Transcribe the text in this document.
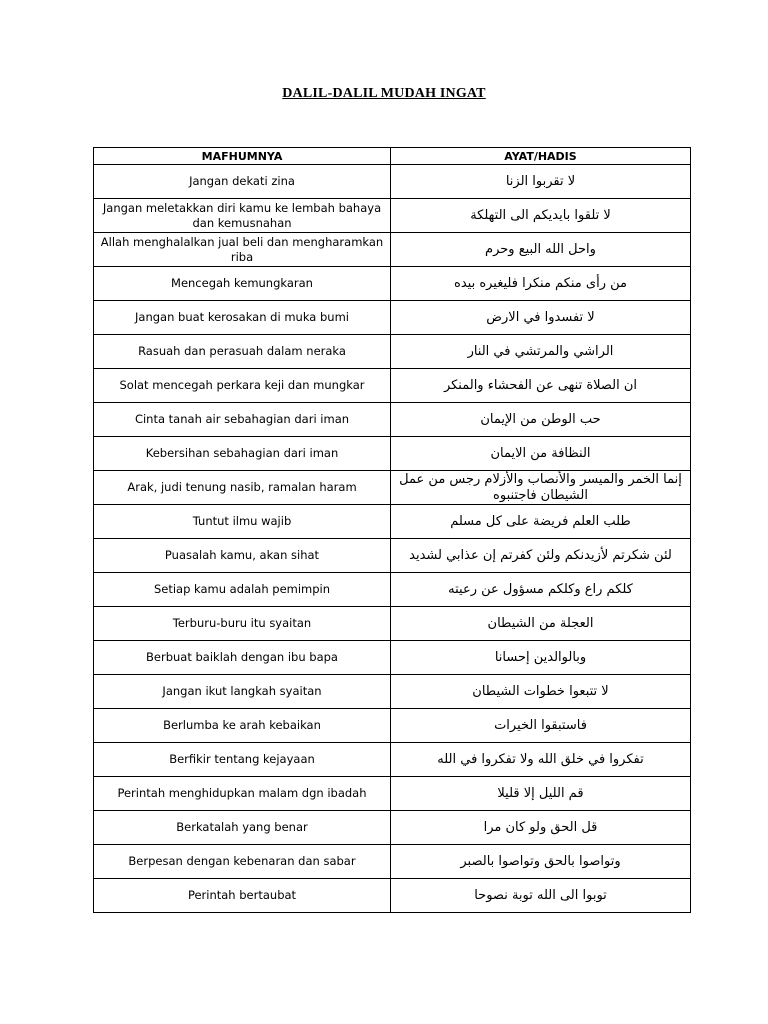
DALIL-DALIL MUDAH INGAT
MAFHUMNYA	AYAT/HADIS
Jangan dekati zina	لا تقربوا الزنا
Jangan meletakkan diri kamu ke lembah bahaya dan kemusnahan	لا تلقوا بايديكم الى التهلكة
Allah menghalalkan jual beli dan mengharamkan riba	واحل الله البيع وحرم
Mencegah kemungkaran	من رأى منكم منكرا فليغيره بيده
Jangan buat kerosakan di muka bumi	لا تفسدوا في الارض
Rasuah dan perasuah dalam neraka	الراشي والمرتشي في النار
Solat mencegah perkara keji dan mungkar	ان الصلاة تنهى عن الفحشاء والمنكر
Cinta tanah air sebahagian dari iman	حب الوطن من الإيمان
Kebersihan sebahagian dari iman	النظافة من الايمان
Arak, judi tenung nasib, ramalan haram	إنما الخمر والميسر والأنصاب والأزلام رجس من عمل الشيطان فاجتنبوه
Tuntut ilmu wajib	طلب العلم فريضة على كل مسلم
Puasalah kamu, akan sihat	لئن شكرتم لأزيدنكم ولئن كفرتم إن عذابي لشديد
Setiap kamu adalah pemimpin	كلكم راع وكلكم مسؤول عن رعيته
Terburu-buru itu syaitan	العجلة من الشيطان
Berbuat baiklah dengan ibu bapa	وبالوالدين إحسانا
Jangan ikut langkah syaitan	لا تتبعوا خطوات الشيطان
Berlumba ke arah kebaikan	فاستبقوا الخيرات
Berfikir tentang kejayaan	تفكروا في خلق الله ولا تفكروا في الله
Perintah menghidupkan malam dgn ibadah	قم الليل إلا قليلا
Berkatalah yang benar	قل الحق ولو كان مرا
Berpesan dengan kebenaran dan sabar	وتواصوا بالحق وتواصوا بالصبر
Perintah bertaubat	توبوا الى الله توبة نصوحا
